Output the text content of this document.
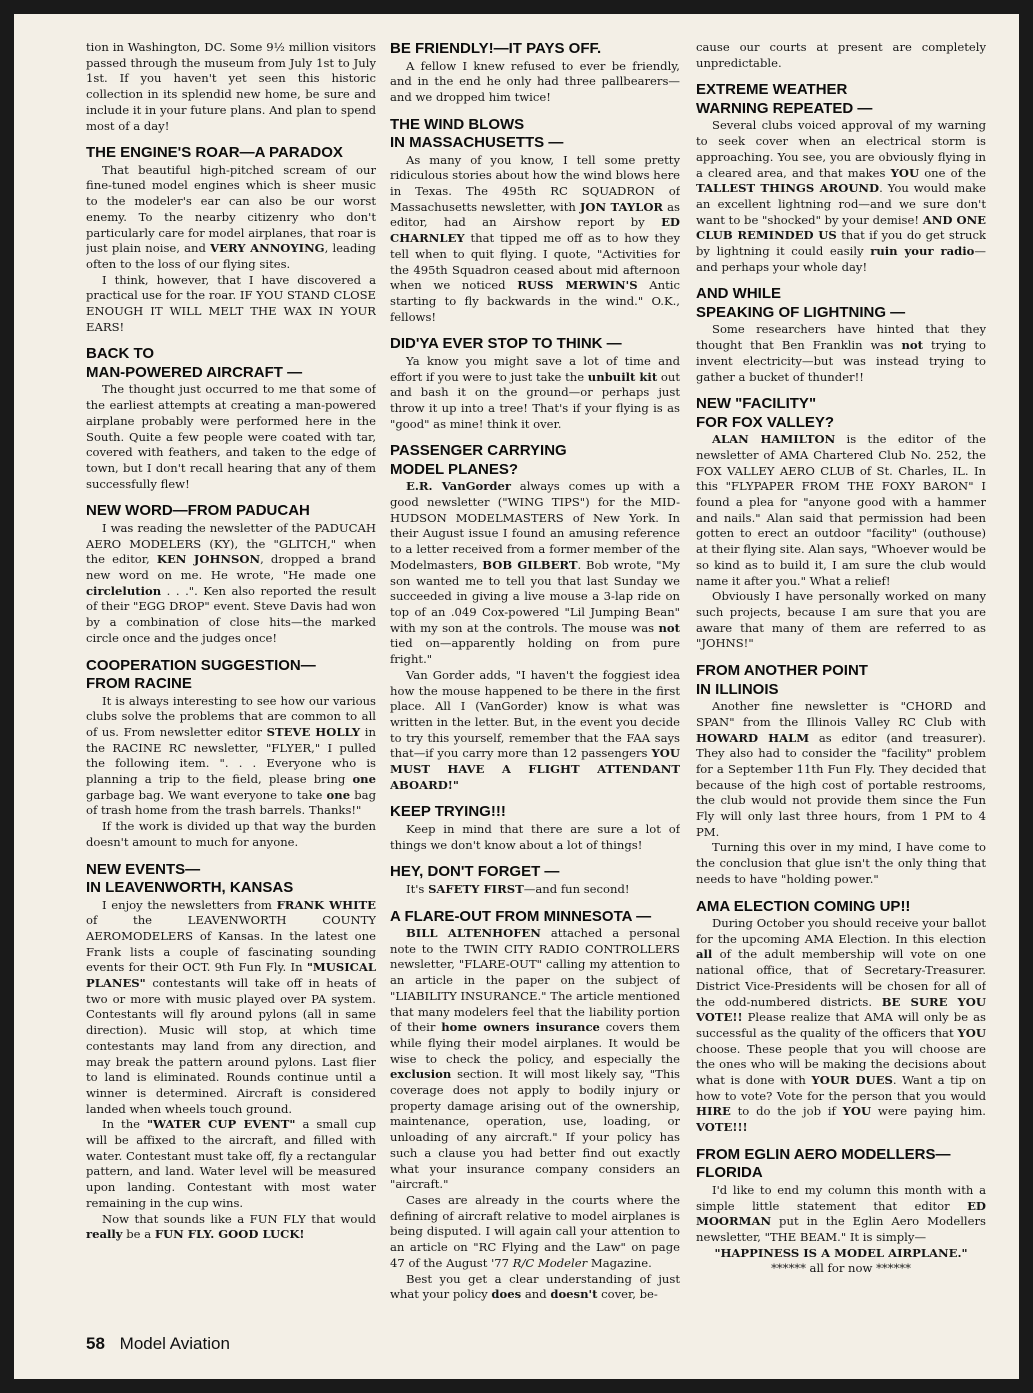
tion in Washington, DC. Some 9½ million visitors passed through the museum from July 1st to July 1st. If you haven't yet seen this historic collection in its splendid new home, be sure and include it in your future plans. And plan to spend most of a day!

THE ENGINE'S ROAR—A PARADOX

That beautiful high-pitched scream of our fine-tuned model engines which is sheer music to the modeler's ear can also be our worst enemy. To the nearby citizenry who don't particularly care for model airplanes, that roar is just plain noise, and VERY ANNOYING, leading often to the loss of our flying sites.

I think, however, that I have discovered a practical use for the roar. IF YOU STAND CLOSE ENOUGH IT WILL MELT THE WAX IN YOUR EARS!

BACK TO
MAN-POWERED AIRCRAFT —

The thought just occurred to me that some of the earliest attempts at creating a man-powered airplane probably were performed here in the South. Quite a few people were coated with tar, covered with feathers, and taken to the edge of town, but I don't recall hearing that any of them successfully flew!

NEW WORD—FROM PADUCAH

I was reading the newsletter of the PADUCAH AERO MODELERS (KY), the "GLITCH," when the editor, KEN JOHNSON, dropped a brand new word on me. He wrote, "He made one circlelution . . .". Ken also reported the result of their "EGG DROP" event. Steve Davis had won by a combination of close hits—the marked circle once and the judges once!

COOPERATION SUGGESTION—
FROM RACINE

It is always interesting to see how our various clubs solve the problems that are common to all of us. From newsletter editor STEVE HOLLY in the RACINE RC newsletter, "FLYER," I pulled the following item. ". . . Everyone who is planning a trip to the field, please bring one garbage bag. We want everyone to take one bag of trash home from the trash barrels. Thanks!"

If the work is divided up that way the burden doesn't amount to much for anyone.

NEW EVENTS—
IN LEAVENWORTH, KANSAS

I enjoy the newsletters from FRANK WHITE of the LEAVENWORTH COUNTY AEROMODELERS of Kansas. In the latest one Frank lists a couple of fascinating sounding events for their OCT. 9th Fun Fly. In "MUSICAL PLANES" contestants will take off in heats of two or more with music played over PA system. Contestants will fly around pylons (all in same direction). Music will stop, at which time contestants may land from any direction, and may break the pattern around pylons. Last flier to land is eliminated. Rounds continue until a winner is determined. Aircraft is considered landed when wheels touch ground.

In the "WATER CUP EVENT" a small cup will be affixed to the aircraft, and filled with water. Contestant must take off, fly a rectangular pattern, and land. Water level will be measured upon landing. Contestant with most water remaining in the cup wins.

Now that sounds like a FUN FLY that would really be a FUN FLY. GOOD LUCK!

BE FRIENDLY!—IT PAYS OFF.

A fellow I knew refused to ever be friendly, and in the end he only had three pallbearers—and we dropped him twice!

THE WIND BLOWS
IN MASSACHUSETTS —

As many of you know, I tell some pretty ridiculous stories about how the wind blows here in Texas. The 495th RC SQUADRON of Massachusetts newsletter, with JON TAYLOR as editor, had an Airshow report by ED CHARNLEY that tipped me off as to how they tell when to quit flying. I quote, "Activities for the 495th Squadron ceased about mid afternoon when we noticed RUSS MERWIN'S Antic starting to fly backwards in the wind." O.K., fellows!

DID'YA EVER STOP TO THINK —

Ya know you might save a lot of time and effort if you were to just take the unbuilt kit out and bash it on the ground—or perhaps just throw it up into a tree! That's if your flying is as "good" as mine! think it over.

PASSENGER CARRYING
MODEL PLANES?

E.R. VanGorder always comes up with a good newsletter ("WING TIPS") for the MID-HUDSON MODELMASTERS of New York. In their August issue I found an amusing reference to a letter received from a former member of the Modelmasters, BOB GILBERT. Bob wrote, "My son wanted me to tell you that last Sunday we succeeded in giving a live mouse a 3-lap ride on top of an .049 Cox-powered "Lil Jumping Bean" with my son at the controls. The mouse was not tied on—apparently holding on from pure fright."

Van Gorder adds, "I haven't the foggiest idea how the mouse happened to be there in the first place. All I (VanGorder) know is what was written in the letter. But, in the event you decide to try this yourself, remember that the FAA says that—if you carry more than 12 passengers YOU MUST HAVE A FLIGHT ATTENDANT ABOARD!"

KEEP TRYING!!!

Keep in mind that there are sure a lot of things we don't know about a lot of things!

HEY, DON'T FORGET —

It's SAFETY FIRST—and fun second!

A FLARE-OUT FROM MINNESOTA —

BILL ALTENHOFEN attached a personal note to the TWIN CITY RADIO CONTROLLERS newsletter, "FLARE-OUT" calling my attention to an article in the paper on the subject of "LIABILITY INSURANCE." The article mentioned that many modelers feel that the liability portion of their home owners insurance covers them while flying their model airplanes. It would be wise to check the policy, and especially the exclusion section. It will most likely say, "This coverage does not apply to bodily injury or property damage arising out of the ownership, maintenance, operation, use, loading, or unloading of any aircraft." If your policy has such a clause you had better find out exactly what your insurance company considers an "aircraft."

Cases are already in the courts where the defining of aircraft relative to model airplanes is being disputed. I will again call your attention to an article on "RC Flying and the Law" on page 47 of the August '77 R/C Modeler Magazine.

Best you get a clear understanding of just what your policy does and doesn't cover, be-

cause our courts at present are completely unpredictable.

EXTREME WEATHER
WARNING REPEATED —

Several clubs voiced approval of my warning to seek cover when an electrical storm is approaching. You see, you are obviously flying in a cleared area, and that makes YOU one of the TALLEST THINGS AROUND. You would make an excellent lightning rod—and we sure don't want to be "shocked" by your demise! AND ONE CLUB REMINDED US that if you do get struck by lightning it could easily ruin your radio—and perhaps your whole day!

AND WHILE
SPEAKING OF LIGHTNING —

Some researchers have hinted that they thought that Ben Franklin was not trying to invent electricity—but was instead trying to gather a bucket of thunder!!

NEW "FACILITY"
FOR FOX VALLEY?

ALAN HAMILTON is the editor of the newsletter of AMA Chartered Club No. 252, the FOX VALLEY AERO CLUB of St. Charles, IL. In this "FLYPAPER FROM THE FOXY BARON" I found a plea for "anyone good with a hammer and nails." Alan said that permission had been gotten to erect an outdoor "facility" (outhouse) at their flying site. Alan says, "Whoever would be so kind as to build it, I am sure the club would name it after you." What a relief!

Obviously I have personally worked on many such projects, because I am sure that you are aware that many of them are referred to as "JOHNS!"

FROM ANOTHER POINT
IN ILLINOIS

Another fine newsletter is "CHORD and SPAN" from the Illinois Valley RC Club with HOWARD HALM as editor (and treasurer). They also had to consider the "facility" problem for a September 11th Fun Fly. They decided that because of the high cost of portable restrooms, the club would not provide them since the Fun Fly will only last three hours, from 1 PM to 4 PM.

Turning this over in my mind, I have come to the conclusion that glue isn't the only thing that needs to have "holding power."

AMA ELECTION COMING UP!!

During October you should receive your ballot for the upcoming AMA Election. In this election all of the adult membership will vote on one national office, that of Secretary-Treasurer. District Vice-Presidents will be chosen for all of the odd-numbered districts. BE SURE YOU VOTE!! Please realize that AMA will only be as successful as the quality of the officers that YOU choose. These people that you will choose are the ones who will be making the decisions about what is done with YOUR DUES. Want a tip on how to vote? Vote for the person that you would HIRE to do the job if YOU were paying him. VOTE!!!

FROM EGLIN AERO MODELLERS—
FLORIDA

I'd like to end my column this month with a simple little statement that editor ED MOORMAN put in the Eglin Aero Modellers newsletter, "THE BEAM." It is simply—

"HAPPINESS IS A MODEL AIRPLANE."

****** all for now ******

58 Model Aviation
